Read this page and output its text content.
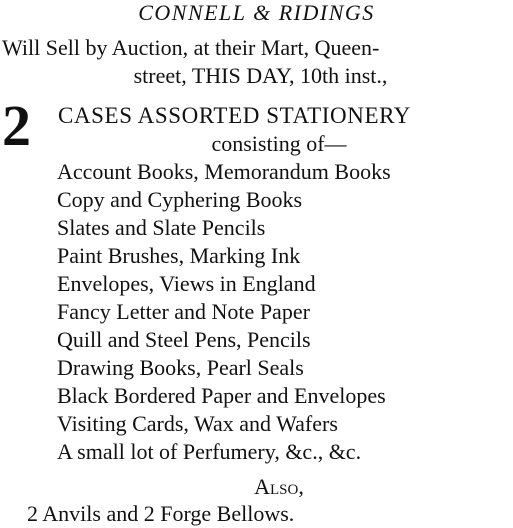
CONNELL & RIDINGS
Will Sell by Auction, at their Mart, Queen-
street, THIS DAY, 10th inst.,
2 CASES ASSORTED STATIONERY
consisting of—
Account Books, Memorandum Books
Copy and Cyphering Books
Slates and Slate Pencils
Paint Brushes, Marking Ink
Envelopes, Views in England
Fancy Letter and Note Paper
Quill and Steel Pens, Pencils
Drawing Books, Pearl Seals
Black Bordered Paper and Envelopes
Visiting Cards, Wax and Wafers
A small lot of Perfumery, &c., &c.
Also,
2 Anvils and 2 Forge Bellows.
